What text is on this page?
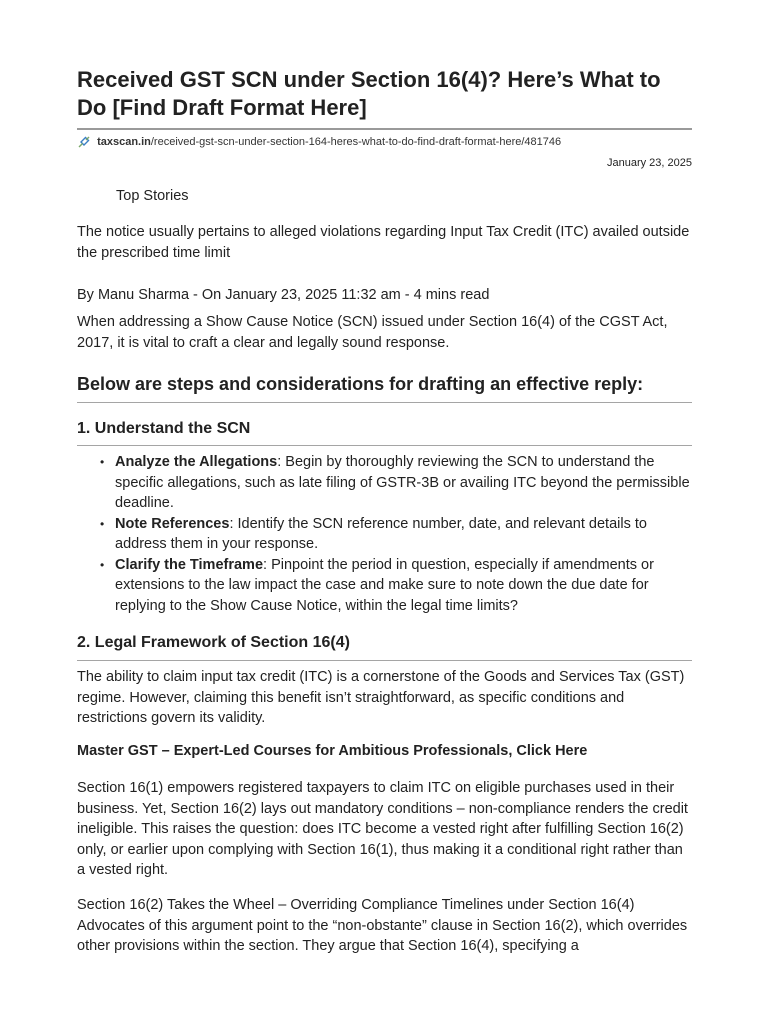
Received GST SCN under Section 16(4)? Here’s What to Do [Find Draft Format Here]
taxscan.in/received-gst-scn-under-section-164-heres-what-to-do-find-draft-format-here/481746
January 23, 2025

Top Stories

The notice usually pertains to alleged violations regarding Input Tax Credit (ITC) availed outside the prescribed time limit

By Manu Sharma - On January 23, 2025 11:32 am - 4 mins read

When addressing a Show Cause Notice (SCN) issued under Section 16(4) of the CGST Act, 2017, it is vital to craft a clear and legally sound response.

Below are steps and considerations for drafting an effective reply:
1. Understand the SCN
• Analyze the Allegations: Begin by thoroughly reviewing the SCN to understand the specific allegations, such as late filing of GSTR-3B or availing ITC beyond the permissible deadline.
• Note References: Identify the SCN reference number, date, and relevant details to address them in your response.
• Clarify the Timeframe: Pinpoint the period in question, especially if amendments or extensions to the law impact the case and make sure to note down the due date for replying to the Show Cause Notice, within the legal time limits?
2. Legal Framework of Section 16(4)

The ability to claim input tax credit (ITC) is a cornerstone of the Goods and Services Tax (GST) regime. However, claiming this benefit isn’t straightforward, as specific conditions and restrictions govern its validity.

Master GST – Expert-Led Courses for Ambitious Professionals, Click Here

Section 16(1) empowers registered taxpayers to claim ITC on eligible purchases used in their business. Yet, Section 16(2) lays out mandatory conditions – non-compliance renders the credit ineligible. This raises the question: does ITC become a vested right after fulfilling Section 16(2) only, or earlier upon complying with Section 16(1), thus making it a conditional right rather than a vested right.

Section 16(2) Takes the Wheel – Overriding Compliance Timelines under Section 16(4)
Advocates of this argument point to the “non-obstante” clause in Section 16(2), which overrides other provisions within the section. They argue that Section 16(4), specifying a
